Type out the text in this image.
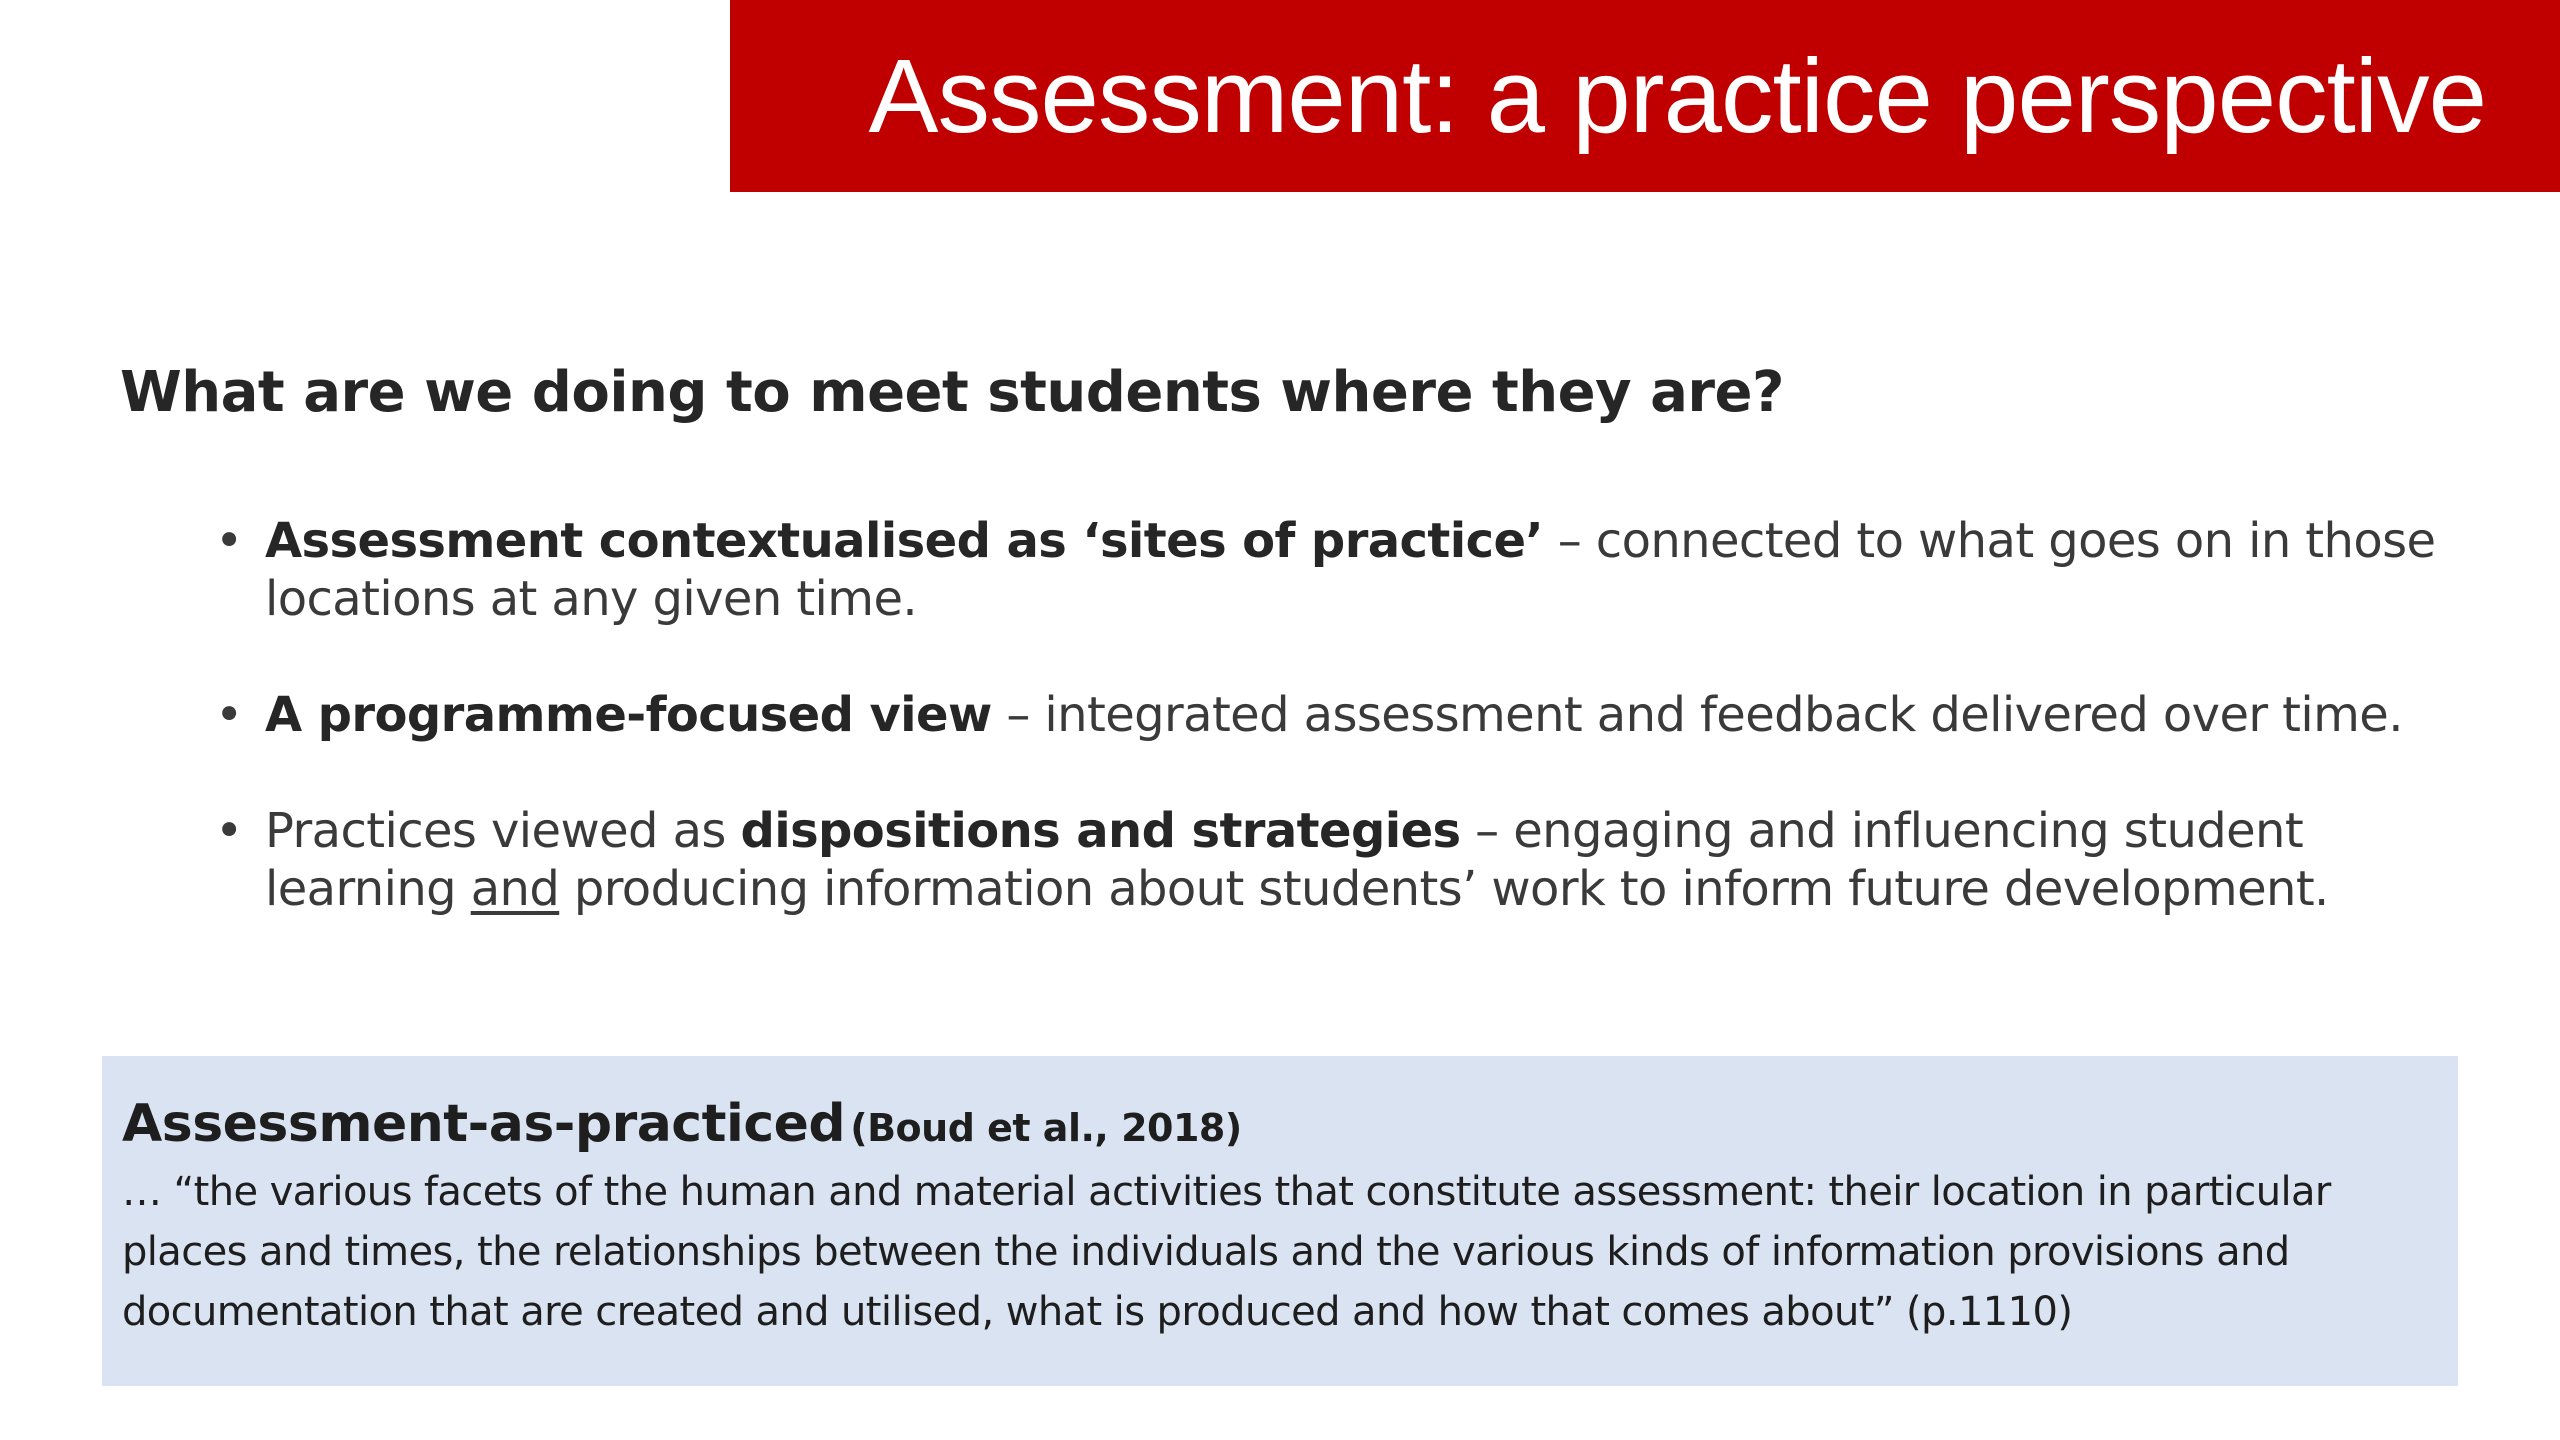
Assessment: a practice perspective
What are we doing to meet students where they are?
• Assessment contextualised as ‘sites of practice’ – connected to what goes on in those locations at any given time.
• A programme-focused view – integrated assessment and feedback delivered over time.
• Practices viewed as dispositions and strategies – engaging and influencing student learning and producing information about students’ work to inform future development.
Assessment-as-practiced (Boud et al., 2018)
… “the various facets of the human and material activities that constitute assessment: their location in particular places and times, the relationships between the individuals and the various kinds of information provisions and documentation that are created and utilised, what is produced and how that comes about” (p.1110)
